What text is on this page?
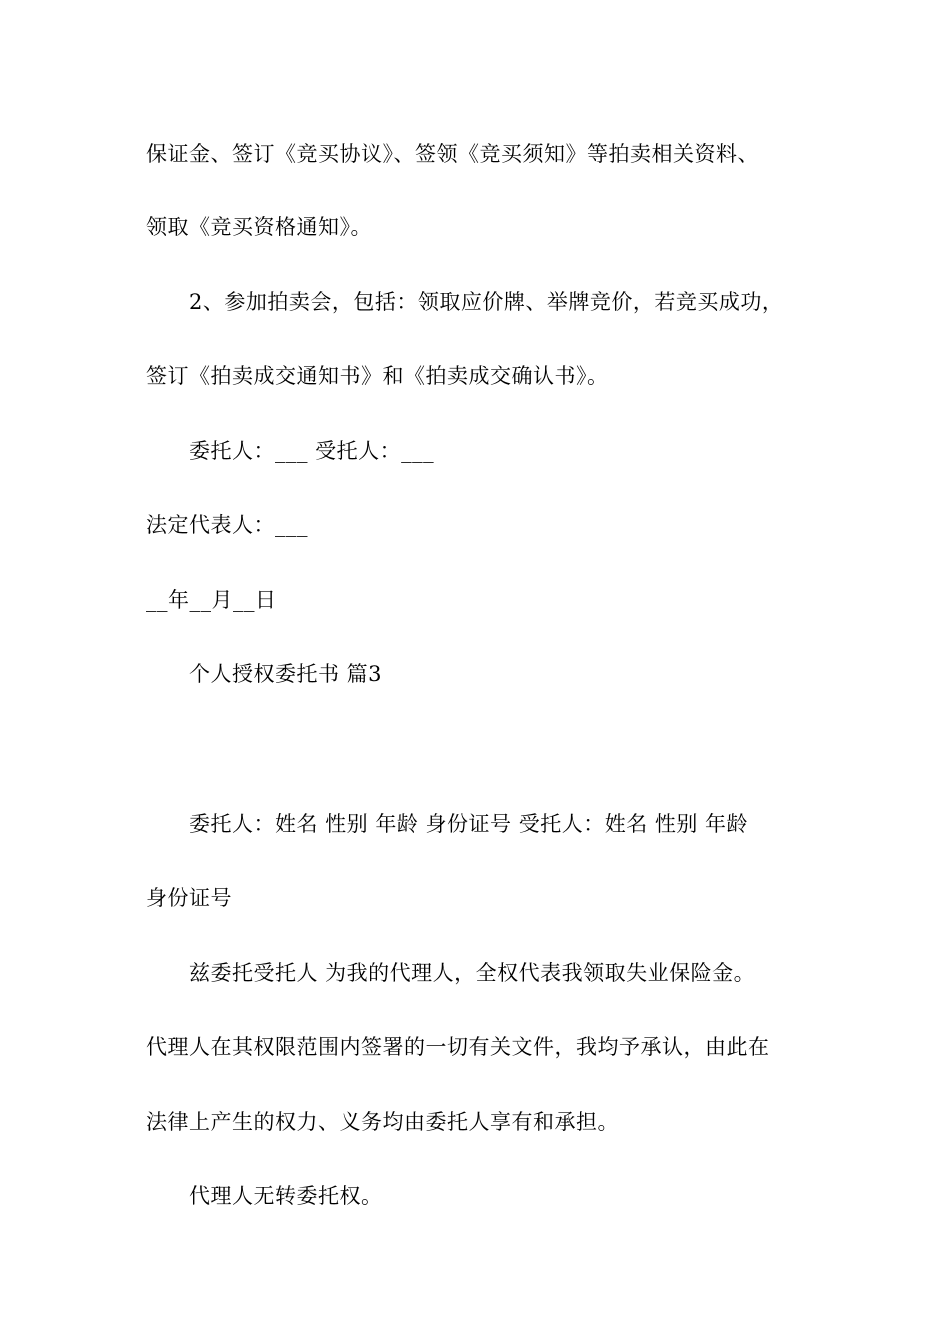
保证金、签订《竞买协议》、签领《竞买须知》等拍卖相关资料、
领取《竞买资格通知》。
2、参加拍卖会，包括：领取应价牌、举牌竞价，若竞买成功，
签订《拍卖成交通知书》和《拍卖成交确认书》。
委托人：___ 受托人：___
法定代表人：___
__年__月__日
个人授权委托书 篇3
委托人：姓名 性别 年龄 身份证号 受托人：姓名 性别 年龄
身份证号
兹委托受托人 为我的代理人，全权代表我领取失业保险金。
代理人在其权限范围内签署的一切有关文件，我均予承认，由此在
法律上产生的权力、义务均由委托人享有和承担。
代理人无转委托权。
